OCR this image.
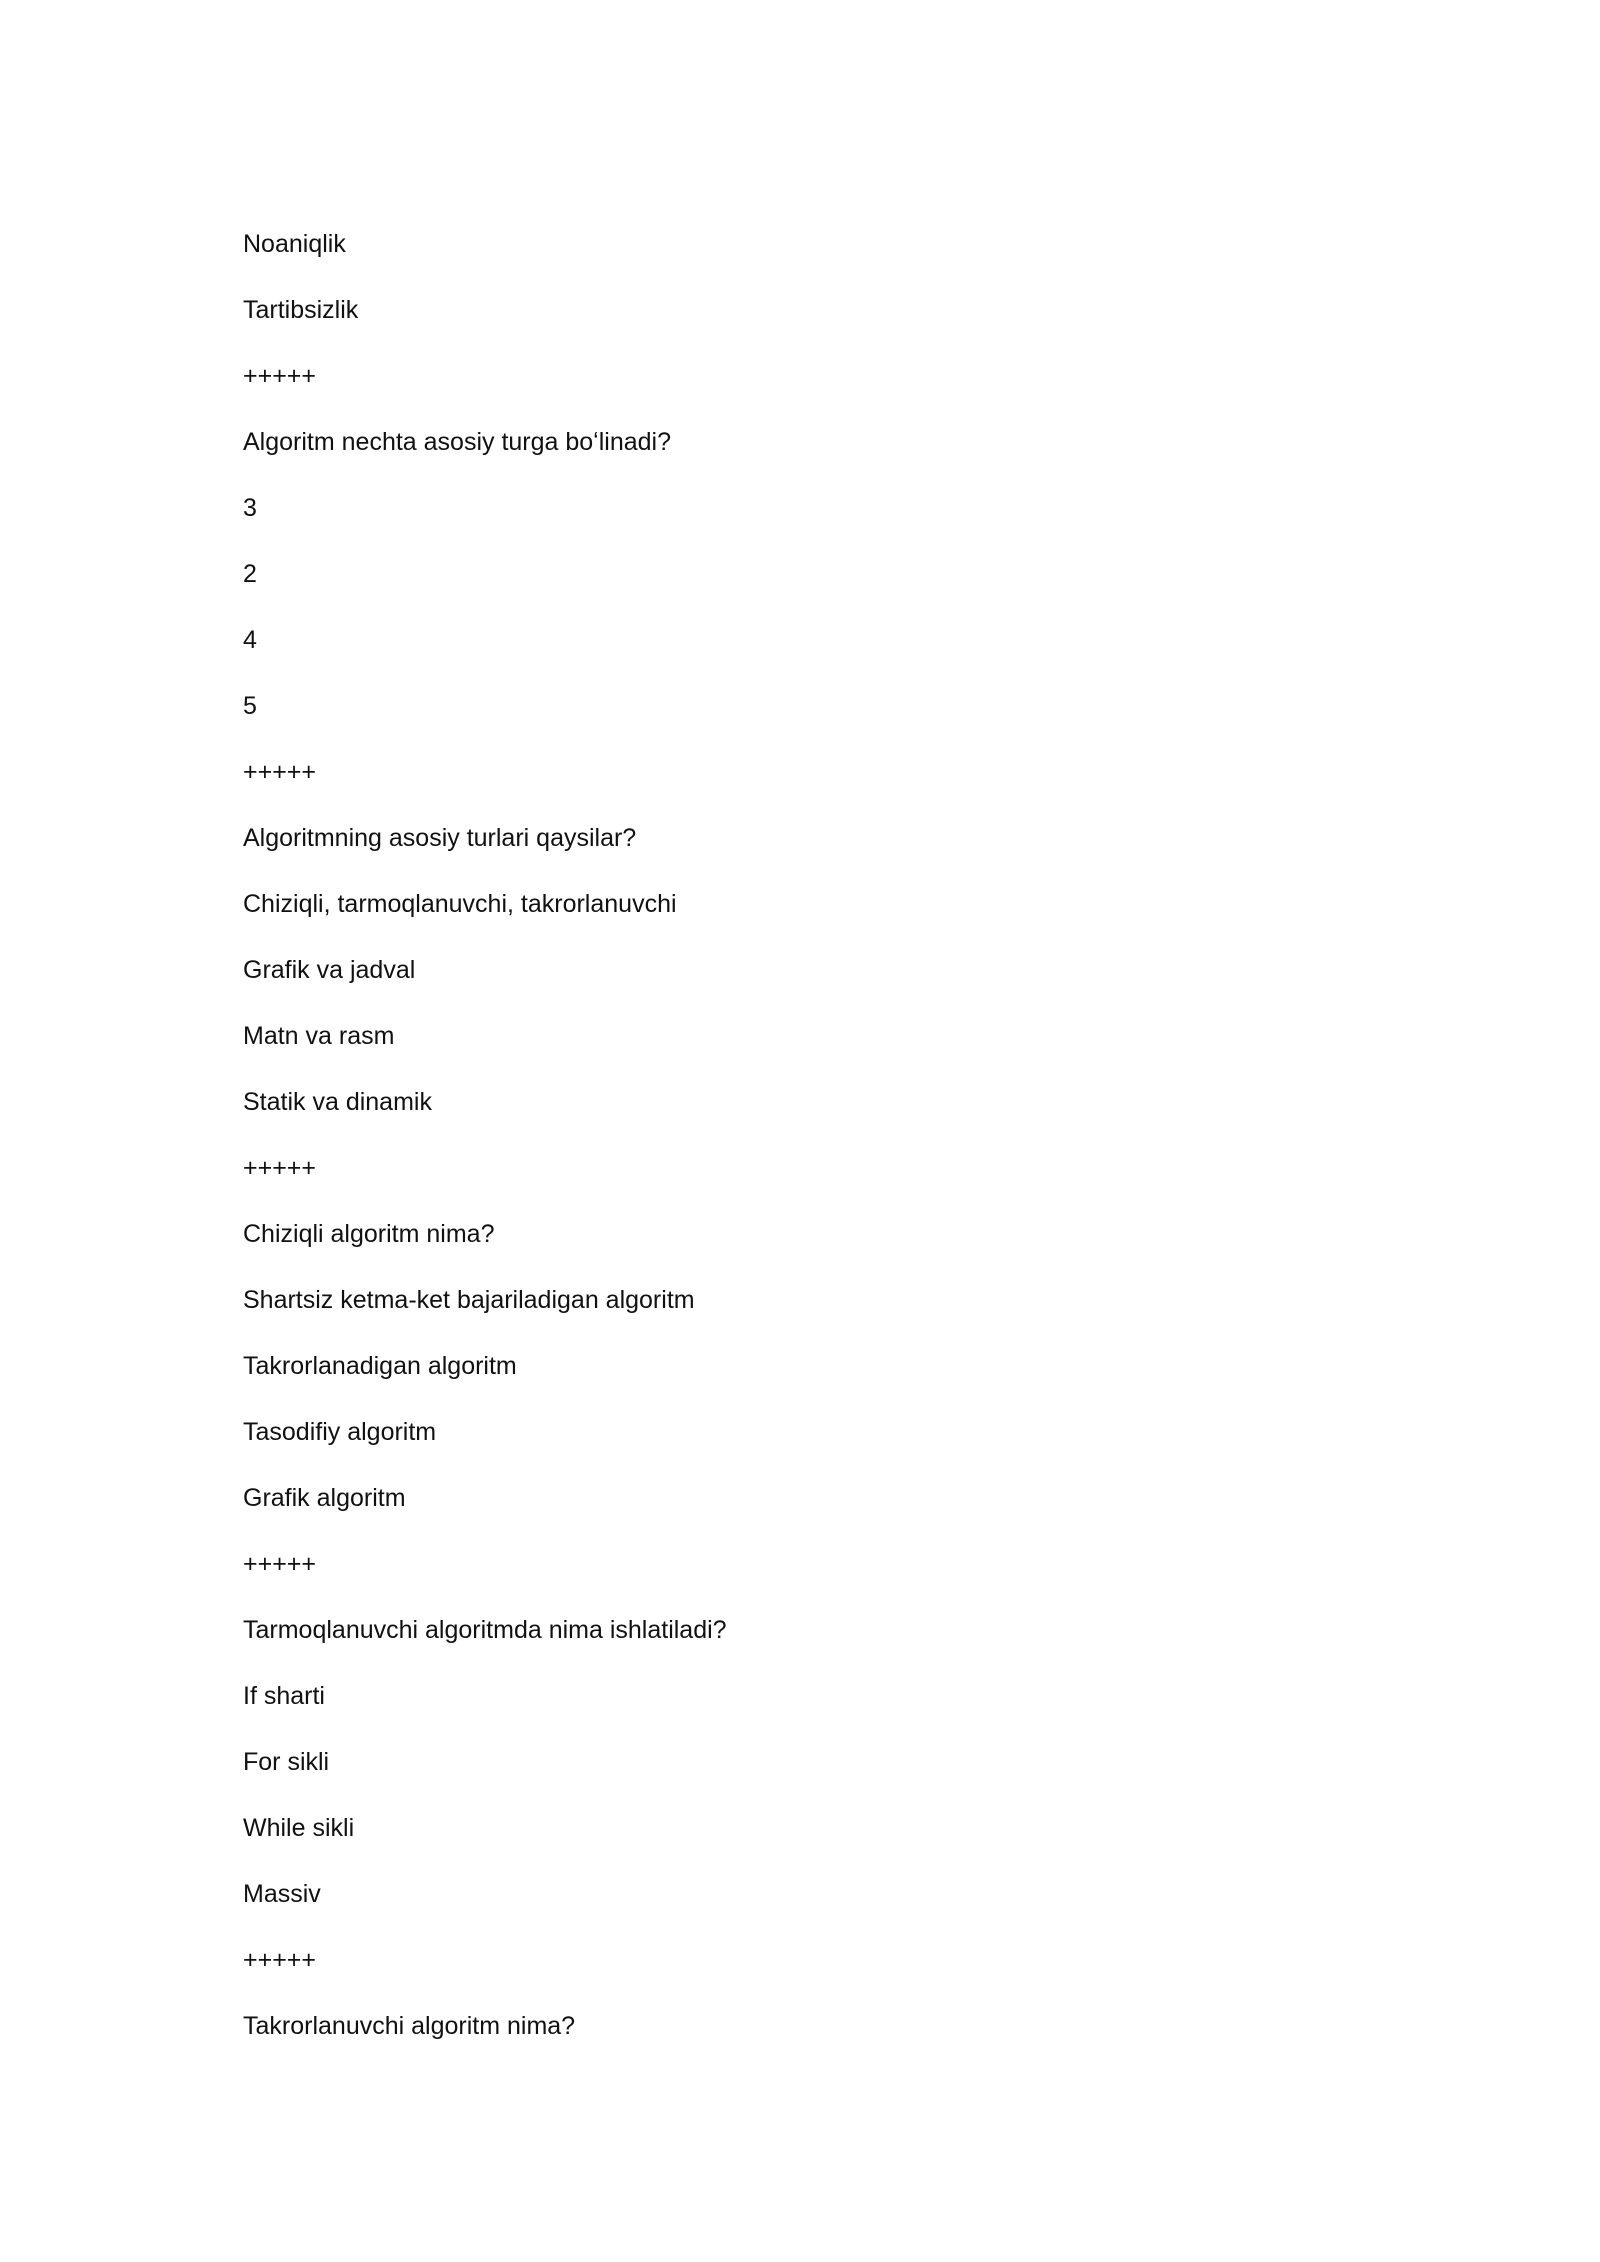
Noaniqlik
Tartibsizlik
+++++
Algoritm nechta asosiy turga boʻlinadi?
3
2
4
5
+++++
Algoritmning asosiy turlari qaysilar?
Chiziqli, tarmoqlanuvchi, takrorlanuvchi
Grafik va jadval
Matn va rasm
Statik va dinamik
+++++
Chiziqli algoritm nima?
Shartsiz ketma-ket bajariladigan algoritm
Takrorlanadigan algoritm
Tasodifiy algoritm
Grafik algoritm
+++++
Tarmoqlanuvchi algoritmda nima ishlatiladi?
If sharti
For sikli
While sikli
Massiv
+++++
Takrorlanuvchi algoritm nima?
